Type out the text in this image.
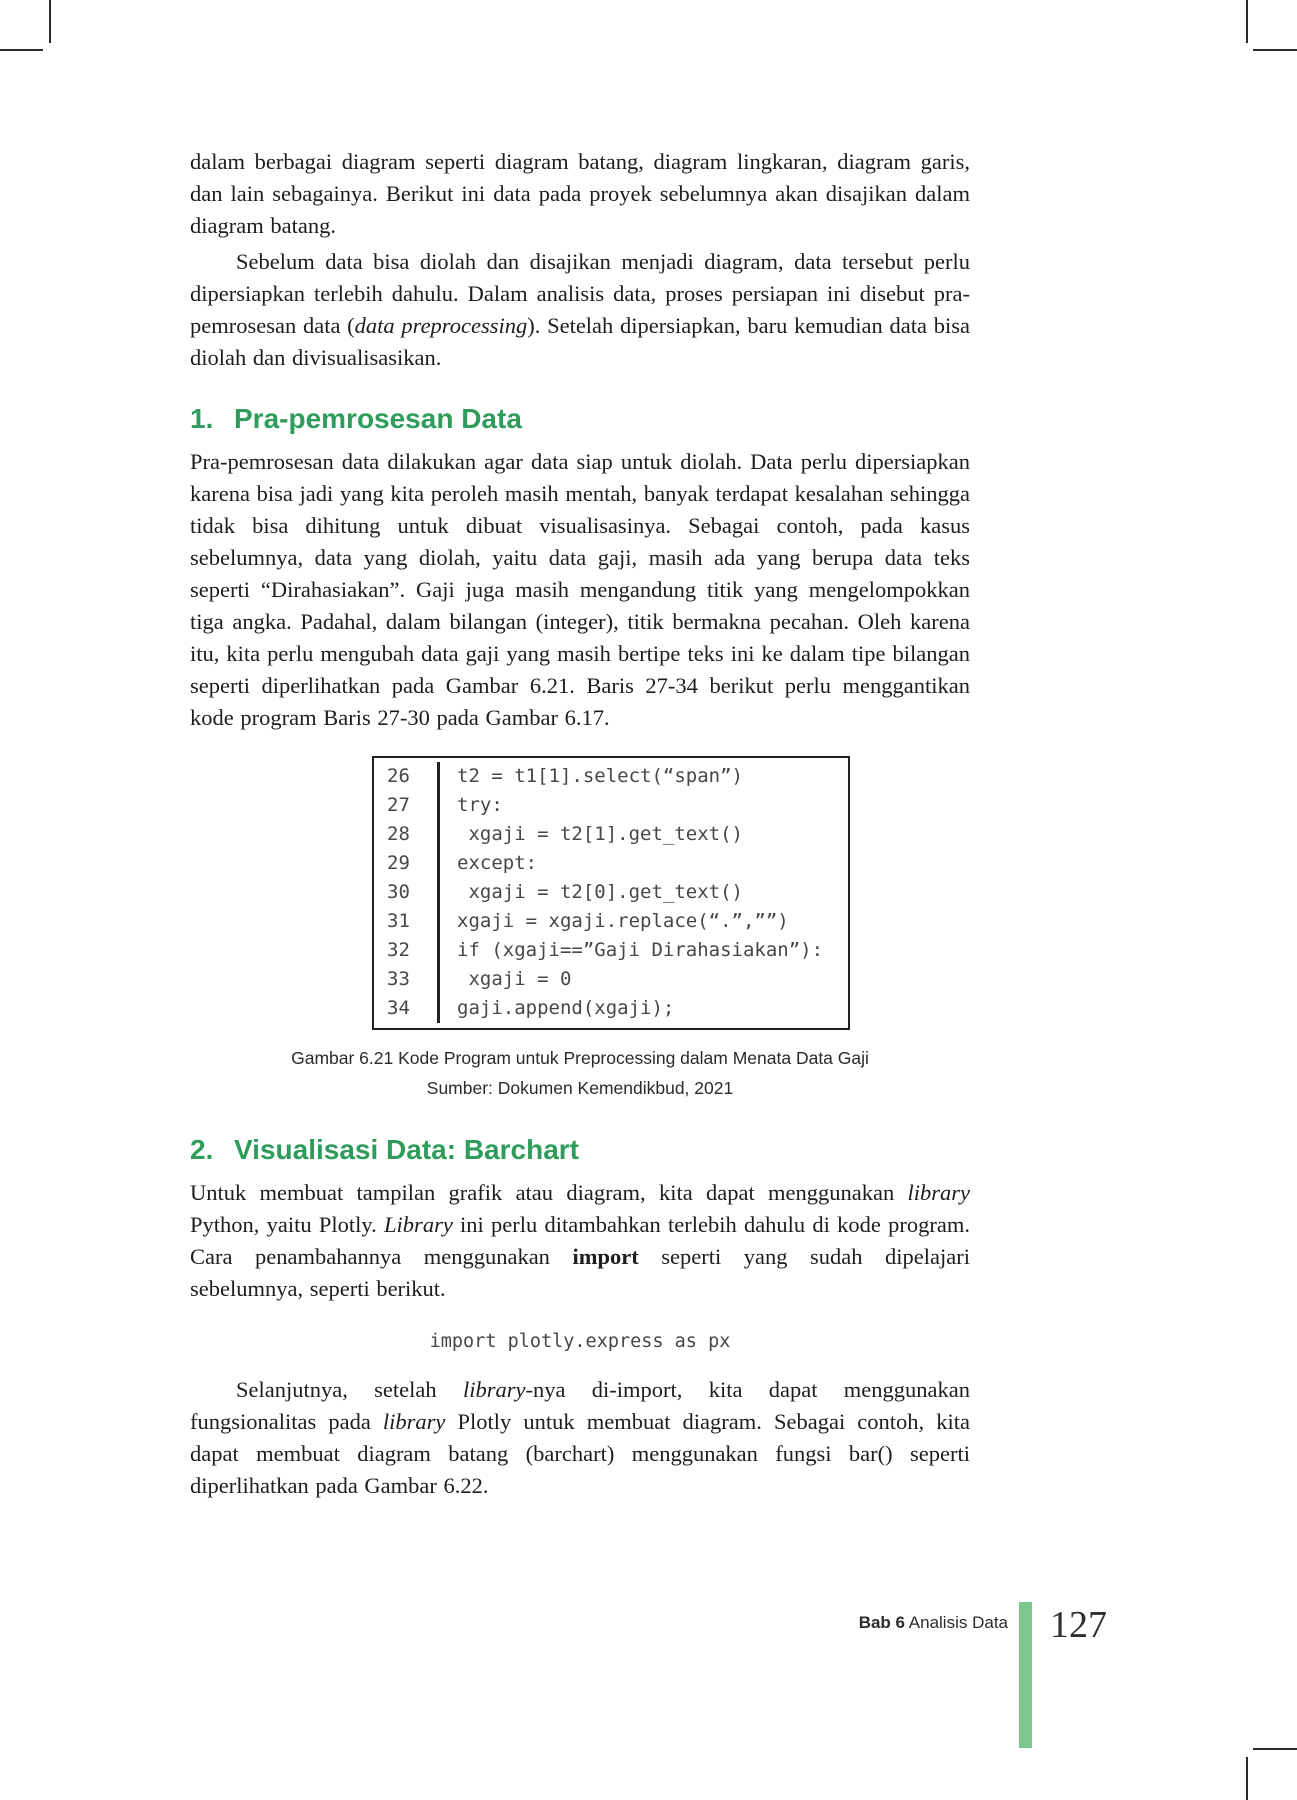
dalam berbagai diagram seperti diagram batang, diagram lingkaran, diagram garis, dan lain sebagainya. Berikut ini data pada proyek sebelumnya akan disajikan dalam diagram batang.

Sebelum data bisa diolah dan disajikan menjadi diagram, data tersebut perlu dipersiapkan terlebih dahulu. Dalam analisis data, proses persiapan ini disebut pra-pemrosesan data (data preprocessing). Setelah dipersiapkan, baru kemudian data bisa diolah dan divisualisasikan.

1. Pra-pemrosesan Data

Pra-pemrosesan data dilakukan agar data siap untuk diolah. Data perlu dipersiapkan karena bisa jadi yang kita peroleh masih mentah, banyak terdapat kesalahan sehingga tidak bisa dihitung untuk dibuat visualisasinya. Sebagai contoh, pada kasus sebelumnya, data yang diolah, yaitu data gaji, masih ada yang berupa data teks seperti “Dirahasiakan”. Gaji juga masih mengandung titik yang mengelompokkan tiga angka. Padahal, dalam bilangan (integer), titik bermakna pecahan. Oleh karena itu, kita perlu mengubah data gaji yang masih bertipe teks ini ke dalam tipe bilangan seperti diperlihatkan pada Gambar 6.21. Baris 27-34 berikut perlu menggantikan kode program Baris 27-30 pada Gambar 6.17.

26	t2 = t1[1].select(“span”)
27	try:
28	xgaji = t2[1].get_text()
29	except:
30	xgaji = t2[0].get_text()
31	xgaji = xgaji.replace(“.”,””)
32	if (xgaji==”Gaji Dirahasiakan”):
33	xgaji = 0
34	gaji.append(xgaji);
Gambar 6.21 Kode Program untuk Preprocessing dalam Menata Data Gaji
Sumber: Dokumen Kemendikbud, 2021
2. Visualisasi Data: Barchart

Untuk membuat tampilan grafik atau diagram, kita dapat menggunakan library Python, yaitu Plotly. Library ini perlu ditambahkan terlebih dahulu di kode program. Cara penambahannya menggunakan import seperti yang sudah dipelajari sebelumnya, seperti berikut.

import plotly.express as px

Selanjutnya, setelah library-nya di-import, kita dapat menggunakan fungsionalitas pada library Plotly untuk membuat diagram. Sebagai contoh, kita dapat membuat diagram batang (barchart) menggunakan fungsi bar() seperti diperlihatkan pada Gambar 6.22.

Bab 6 Analisis Data 127
